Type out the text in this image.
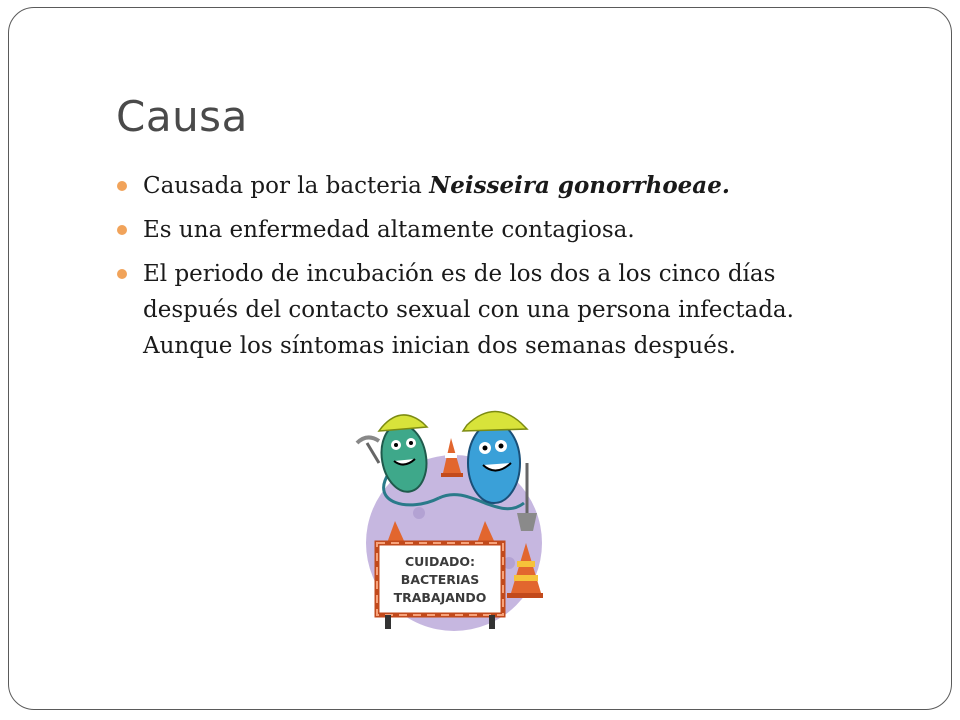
Causa
Causada por la bacteria Neisseira gonorrhoeae.
Es una enfermedad altamente contagiosa.
El periodo de incubación es de los dos a los cinco días después del contacto sexual con una persona infectada. Aunque los síntomas inician dos semanas después.
CUIDADO:
BACTERIAS
TRABAJANDO
